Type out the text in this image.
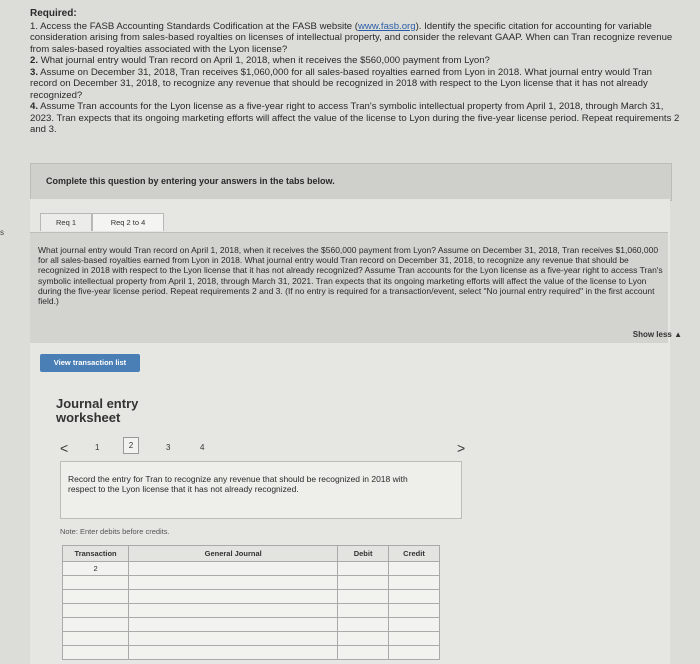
s
Required:

1. Access the FASB Accounting Standards Codification at the FASB website (www.fasb.org). Identify the specific citation for accounting for variable consideration arising from sales-based royalties on licenses of intellectual property, and consider the relevant GAAP. When can Tran recognize revenue from sales-based royalties associated with the Lyon license?

2. What journal entry would Tran record on April 1, 2018, when it receives the $560,000 payment from Lyon?

3. Assume on December 31, 2018, Tran receives $1,060,000 for all sales-based royalties earned from Lyon in 2018. What journal entry would Tran record on December 31, 2018, to recognize any revenue that should be recognized in 2018 with respect to the Lyon license that it has not already recognized?

4. Assume Tran accounts for the Lyon license as a five-year right to access Tran's symbolic intellectual property from April 1, 2018, through March 31, 2023. Tran expects that its ongoing marketing efforts will affect the value of the license to Lyon during the five-year license period. Repeat requirements 2 and 3.

Complete this question by entering your answers in the tabs below.
Req 1	Req 2 to 4
What journal entry would Tran record on April 1, 2018, when it receives the $560,000 payment from Lyon? Assume on December 31, 2018, Tran receives $1,060,000 for all sales-based royalties earned from Lyon in 2018. What journal entry would Tran record on December 31, 2018, to recognize any revenue that should be recognized in 2018 with respect to the Lyon license that it has not already recognized? Assume Tran accounts for the Lyon license as a five-year right to access Tran's symbolic intellectual property from April 1, 2018, through March 31, 2021. Tran expects that its ongoing marketing efforts will affect the value of the license to Lyon during the five-year license period. Repeat requirements 2 and 3. (If no entry is required for a transaction/event, select "No journal entry required" in the first account field.)
Show less ▲
View transaction list
Journal entry
worksheet
<	1	2	3	4	>
Record the entry for Tran to recognize any revenue that should be recognized in 2018 with respect to the Lyon license that it has not already recognized.
Note: Enter debits before credits.
Transaction	General Journal	Debit	Credit
2			
